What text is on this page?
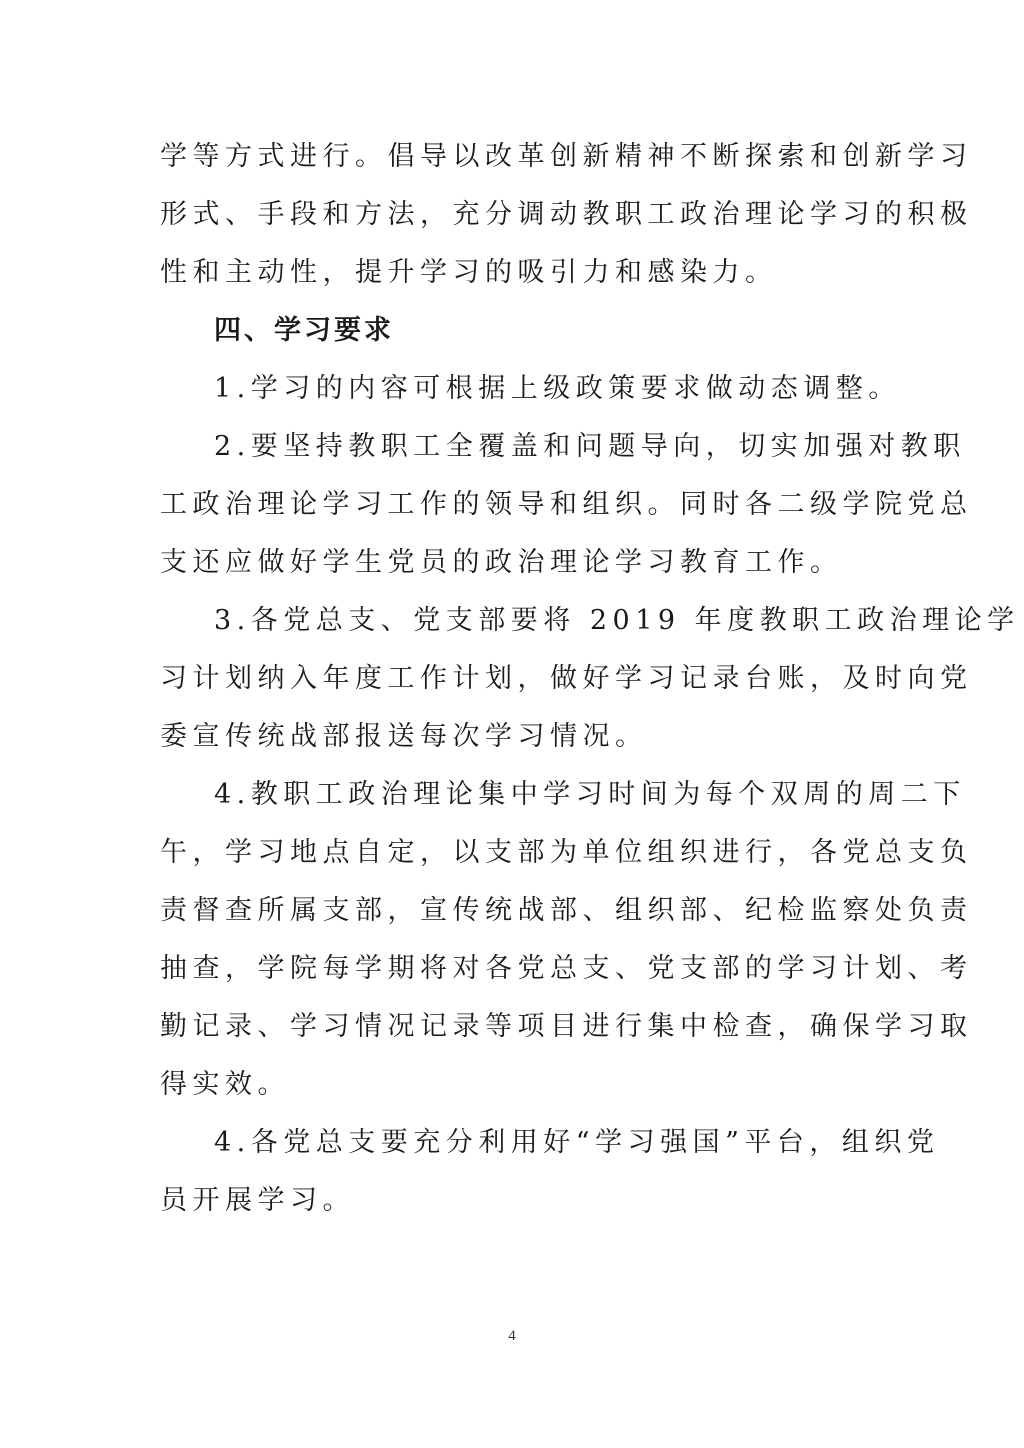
学等方式进行。倡导以改革创新精神不断探索和创新学习
形式、手段和方法，充分调动教职工政治理论学习的积极
性和主动性，提升学习的吸引力和感染力。
四、学习要求
1.学习的内容可根据上级政策要求做动态调整。
2.要坚持教职工全覆盖和问题导向，切实加强对教职
工政治理论学习工作的领导和组织。同时各二级学院党总
支还应做好学生党员的政治理论学习教育工作。
3.各党总支、党支部要将 2019 年度教职工政治理论学
习计划纳入年度工作计划，做好学习记录台账，及时向党
委宣传统战部报送每次学习情况。
4.教职工政治理论集中学习时间为每个双周的周二下
午，学习地点自定，以支部为单位组织进行，各党总支负
责督查所属支部，宣传统战部、组织部、纪检监察处负责
抽查，学院每学期将对各党总支、党支部的学习计划、考
勤记录、学习情况记录等项目进行集中检查，确保学习取
得实效。
4.各党总支要充分利用好“学习强国”平台，组织党
员开展学习。
4
